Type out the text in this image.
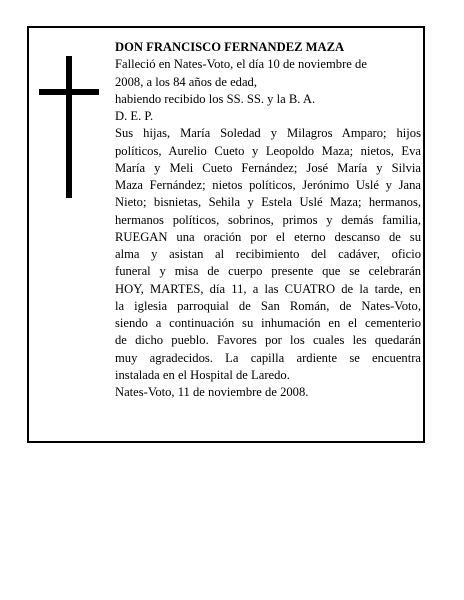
DON FRANCISCO FERNANDEZ MAZA
Falleció en Nates-Voto, el día 10 de noviembre de
2008, a los 84 años de edad,
habiendo recibido los SS. SS. y la B. A.
D. E. P.
Sus hijas, María Soledad y Milagros Amparo; hijos
políticos, Aurelio Cueto y Leopoldo Maza; nietos, Eva
María y Meli Cueto Fernández; José María y Silvia
Maza Fernández; nietos políticos, Jerónimo Uslé y Jana
Nieto; bisnietas, Sehila y Estela Uslé Maza; hermanos,
hermanos políticos, sobrinos, primos y demás familia,
RUEGAN una oración por el eterno descanso de su
alma y asistan al recibimiento del cadáver, oficio
funeral y misa de cuerpo presente que se celebrarán
HOY, MARTES, día 11, a las CUATRO de la tarde, en
la iglesia parroquial de San Román, de Nates-Voto,
siendo a continuación su inhumación en el cementerio
de dicho pueblo. Favores por los cuales les quedarán
muy agradecidos. La capilla ardiente se encuentra
instalada en el Hospital de Laredo.
Nates-Voto, 11 de noviembre de 2008.
